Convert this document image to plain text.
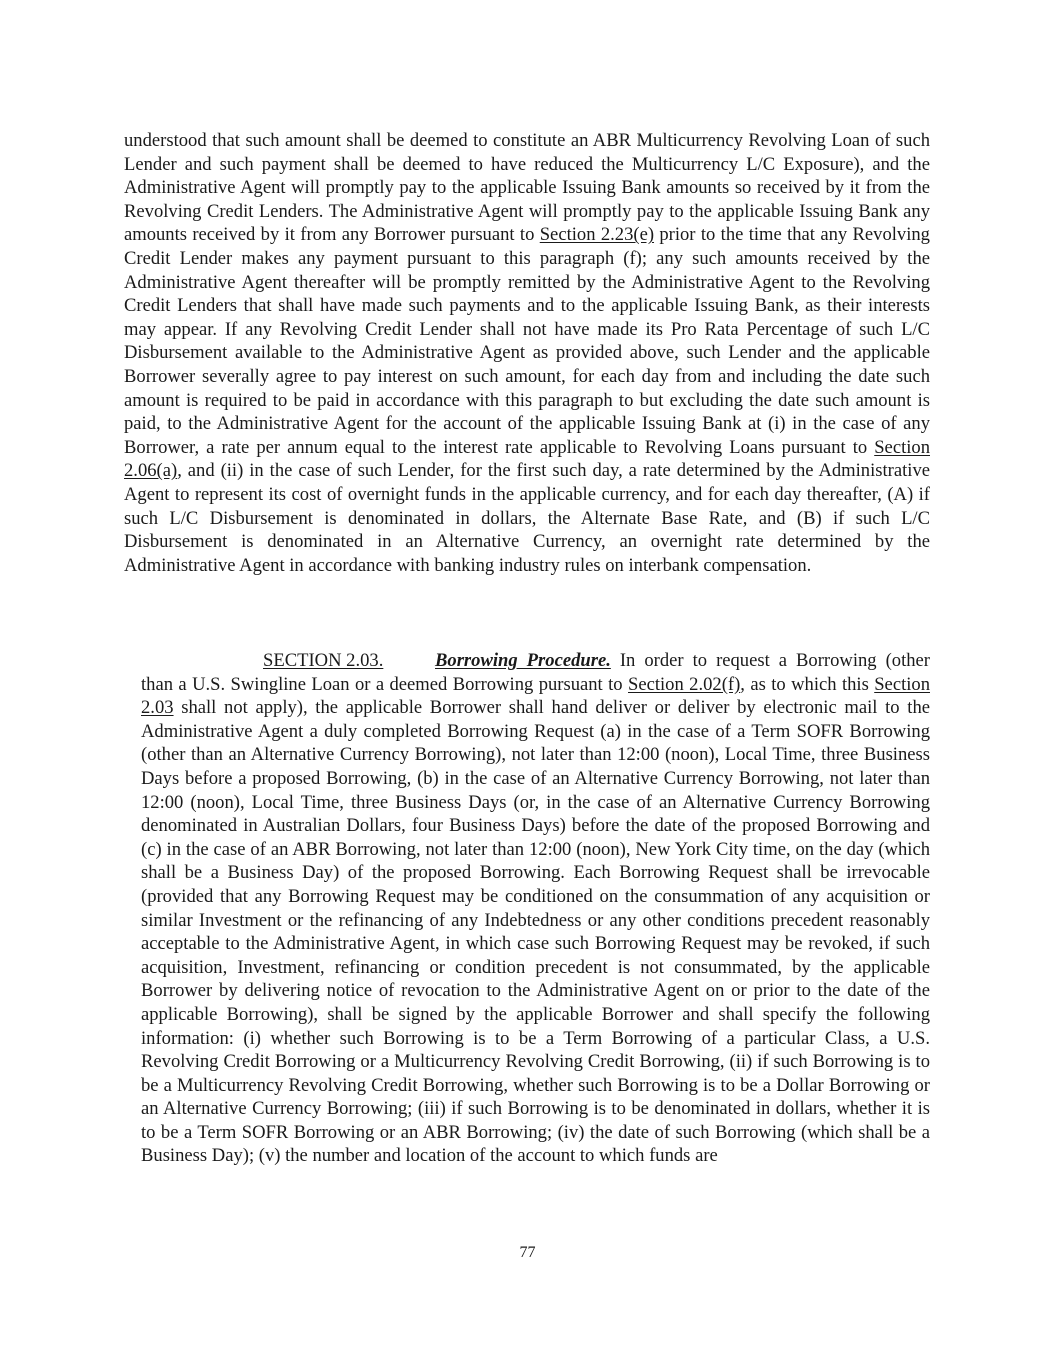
understood that such amount shall be deemed to constitute an ABR Multicurrency Revolving Loan of such Lender and such payment shall be deemed to have reduced the Multicurrency L/C Exposure), and the Administrative Agent will promptly pay to the applicable Issuing Bank amounts so received by it from the Revolving Credit Lenders. The Administrative Agent will promptly pay to the applicable Issuing Bank any amounts received by it from any Borrower pursuant to Section 2.23(e) prior to the time that any Revolving Credit Lender makes any payment pursuant to this paragraph (f); any such amounts received by the Administrative Agent thereafter will be promptly remitted by the Administrative Agent to the Revolving Credit Lenders that shall have made such payments and to the applicable Issuing Bank, as their interests may appear. If any Revolving Credit Lender shall not have made its Pro Rata Percentage of such L/C Disbursement available to the Administrative Agent as provided above, such Lender and the applicable Borrower severally agree to pay interest on such amount, for each day from and including the date such amount is required to be paid in accordance with this paragraph to but excluding the date such amount is paid, to the Administrative Agent for the account of the applicable Issuing Bank at (i) in the case of any Borrower, a rate per annum equal to the interest rate applicable to Revolving Loans pursuant to Section 2.06(a), and (ii) in the case of such Lender, for the first such day, a rate determined by the Administrative Agent to represent its cost of overnight funds in the applicable currency, and for each day thereafter, (A) if such L/C Disbursement is denominated in dollars, the Alternate Base Rate, and (B) if such L/C Disbursement is denominated in an Alternative Currency, an overnight rate determined by the Administrative Agent in accordance with banking industry rules on interbank compensation.

SECTION 2.03.	Borrowing Procedure. In order to request a Borrowing (other than a U.S. Swingline Loan or a deemed Borrowing pursuant to Section 2.02(f), as to which this Section 2.03 shall not apply), the applicable Borrower shall hand deliver or deliver by electronic mail to the Administrative Agent a duly completed Borrowing Request (a) in the case of a Term SOFR Borrowing (other than an Alternative Currency Borrowing), not later than 12:00 (noon), Local Time, three Business Days before a proposed Borrowing, (b) in the case of an Alternative Currency Borrowing, not later than 12:00 (noon), Local Time, three Business Days (or, in the case of an Alternative Currency Borrowing denominated in Australian Dollars, four Business Days) before the date of the proposed Borrowing and (c) in the case of an ABR Borrowing, not later than 12:00 (noon), New York City time, on the day (which shall be a Business Day) of the proposed Borrowing. Each Borrowing Request shall be irrevocable (provided that any Borrowing Request may be conditioned on the consummation of any acquisition or similar Investment or the refinancing of any Indebtedness or any other conditions precedent reasonably acceptable to the Administrative Agent, in which case such Borrowing Request may be revoked, if such acquisition, Investment, refinancing or condition precedent is not consummated, by the applicable Borrower by delivering notice of revocation to the Administrative Agent on or prior to the date of the applicable Borrowing), shall be signed by the applicable Borrower and shall specify the following information: (i) whether such Borrowing is to be a Term Borrowing of a particular Class, a U.S. Revolving Credit Borrowing or a Multicurrency Revolving Credit Borrowing, (ii) if such Borrowing is to be a Multicurrency Revolving Credit Borrowing, whether such Borrowing is to be a Dollar Borrowing or an Alternative Currency Borrowing; (iii) if such Borrowing is to be denominated in dollars, whether it is to be a Term SOFR Borrowing or an ABR Borrowing; (iv) the date of such Borrowing (which shall be a Business Day); (v) the number and location of the account to which funds are

77
